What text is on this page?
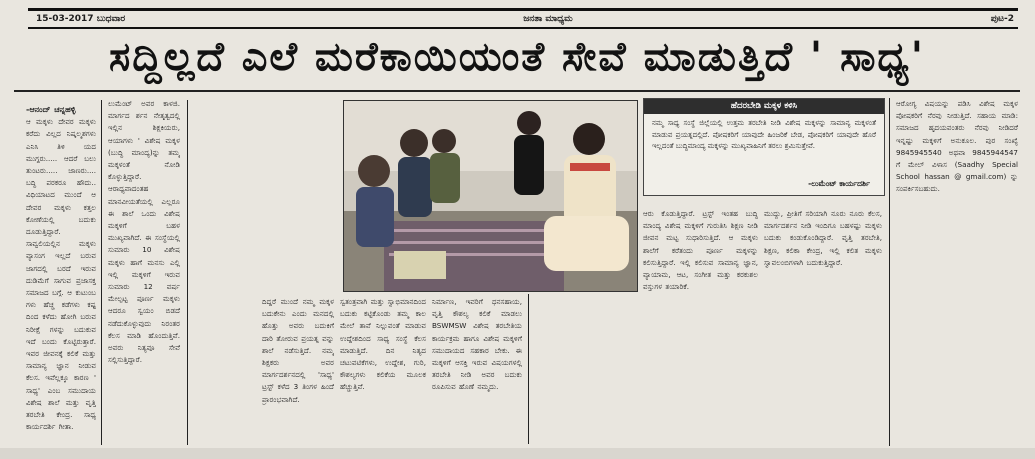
15-03-2017 ಬುಧವಾರ	ಜನತಾ ಮಾಧ್ಯಮ	ಪುಟ-2
ಸದ್ದಿಲ್ಲದೆ ಎಲೆ ಮರೆಕಾಯಿಯಂತೆ ಸೇವೆ ಮಾಡುತ್ತಿದೆ ' ಸಾಧ್ಯ'
-ಆನಂದ್ ಚನ್ನಹಳ್ಳಿ
ಆ ಮಕ್ಕಳು ದೇವರ ಮಕ್ಕಳು ಕರೆದು ವಿಲ್ಲದ ನಿಷ್ಕಲ್ಮಶಗಳು ಎನಿಸಿ ತಿಳಿ ಯದ ಮುಗ್ದರು..... ಆದರೆ ಬಲು ತುಂಟರು..... ಜಾಣರು.... ಬದ್ಧಿ ಪರಕರೂ ಹೌದು.. ವಿಧಿಯಾಟದ ಮುಂದೆ ಆ ದೇವರ ಮಕ್ಕಳು ಕತ್ತಲ ಕೋಣೆಯಲ್ಲಿ ಬದುಕು ದೂಡುತ್ತಿದ್ದಾರೆ. ಸಾವ್ವಲಿಯಲ್ಲಿನ ಮಕ್ಕಳು ವ್ಯಾಸಂಗ ಇಲ್ಲದೆ ಬರುವ ಜಾಗದಲ್ಲಿ ಬರದೆ ಇರುವ ದುಡಿಮೆಗೆ ಸಾಗುವ ಪ್ರಜಾಸಕ್ತ ಸಮಾಜದ ಬಗ್ಗೆ. ಆ ಕುಟುಂಬ ಗಳು ಹೆಚ್ಚ ಕಡೆಗಳು ಕಷ್ಟ ದಿಂದ ಕಳೆದು ಹೋಗಿ ಬರುವ ನಿರೀಕ್ಷೆ ಗಳನ್ನು ಬದುಕುವ ಇದೆ ಬಂದು ಕೊಟ್ಟಿರುತ್ತಾರೆ. ಇವರ ಜೀವನಕ್ಕೆ ಕಲಿಕೆ ಮತ್ತು ಸಾಮಾನ್ಯ ಜ್ಞಾನ ನೀಡುವ ಕೆಲಸ. ಇವೆಲ್ಲಕ್ಕೂ ಕಾರಣ ' ಸಾಧ್ಯ' ಎಂಬ ಸಮುದಾಯ ವಿಶೇಷ ಶಾಲೆ ಮತ್ತು ವೃತ್ತಿ ತರಬೇತಿ ಕೇಂದ್ರ. ಸಾಧ್ಯ ಕಾರ್ಯದರ್ಶಿ ಗೀತಾ.
ಲುಮೆಂಟ್ ಅವರ ಕಾಳಜಿ. ಮಾರ್ಗದ ರ್ಶನ ನೇತೃತ್ವದಲ್ಲಿ ಇಲ್ಲಿನ ಶಿಕ್ಷಕಿಯರು, ಆಯಾಗಳು ' ವಿಶೇಷ ಮಕ್ಕಳ (ಬುದ್ಧಿ ಮಾಂದ್ಯ)ನ್ನು ತಮ್ಮ ಮಕ್ಕಳಂತೆ ನೋಡಿ ಕೊಳ್ಳುತ್ತಿದ್ದಾರೆ. ಆರಾಧ್ಯವಾದಂತಹ ಮಾನವೀಯತೆಯಲ್ಲಿ ಎಲ್ಲರೂ ಈ ಶಾಲೆ ಒಂದು ವಿಶೇಷ ಮಕ್ಕಳಿಗೆ ಬಹಳ ಮುಖ್ಯವಾಗಿದೆ. ಈ ಸಂಸ್ಥೆಯಲ್ಲಿ ಸುಮಾರು 10 ವಿಶೇಷ ಮಕ್ಕಳು ಹಾಗೆ ಮನಸು ಎಲ್ಲಿ ಇಲ್ಲಿ ಮಕ್ಕಳಿಗೆ ಇರುವ ಸುಮಾರು 12 ವರ್ಷ ಮೇಲ್ಪಟ್ಟ ಪೂರ್ಣ ಮಕ್ಕಳು ಆದರೂ ಸ್ವಯಂ ಬಿಡದೆ ನಡೆದುಕೊಳ್ಳುವುದು ನಿರಂತರ ಕೆಲಸ ಮಾಡಿ ಹೊಂದುತ್ತಿವೆ. ಅವರು ನಿತ್ಯವೂ ಸೇವೆ ಸಲ್ಲಿಸುತ್ತಿದ್ದಾರೆ.
ದಿದ್ದರೆ ಮುಂದೆ ನಮ್ಮ ಮಕ್ಕಳ ಬದುಕೇನು ಎಂದು ಮನದಲ್ಲಿ ಹೊತ್ತು ಅವರು ಬದುಕಿಗೆ ದಾರಿ ತೋರುವ ಪ್ರಯತ್ನ ವನ್ನು ಶಾಲೆ ನಡೆಸುತ್ತಿದೆ. ನಮ್ಮ ಶಿಕ್ಷಕರು ಅವರ ಮಾರ್ಗದರ್ಶನದಲ್ಲಿ 'ಸಾಧ್ಯ' ಟ್ರಸ್ಟ್ ಕಳೆದ 3 ತಿಂಗಳ ಹಿಂದೆ ಪ್ರಾರಂಭವಾಗಿದೆ.
ಸ್ವತಂತ್ರವಾಗಿ ಮತ್ತು ಸ್ವಾಭಿಮಾನದಿಂದ ಬದುಕು ಕಟ್ಟಿಕೊಂಡು ತಮ್ಮ ಕಾಲ ಮೇಲೆ ತಾವೆ ನಿಲ್ಲುವಂತೆ ಮಾಡುವ ಉದ್ದೇಶದಿಂದ ಸಾಧ್ಯ ಸಂಸ್ಥೆ ಕೆಲಸ ಮಾಡುತ್ತಿದೆ. ದಿನ ನಿತ್ಯದ ಚಟುವಟಿಕೆಗಳು, ಉದ್ದೇಶ, ಗುರಿ, ಕೌಶಲ್ಯಗಳು ಕಲಿಕೆಯ ಮೂಲಕ ಹೆಚ್ಚುತ್ತಿವೆ.
ನಿರ್ಮಾಣ, ಇವರಿಗೆ ಧನಸಹಾಯ, ವೃತ್ತಿ ಕೌಶಲ್ಯ ಕಲಿಕೆ ಮಾಡಲು BSWMSW ವಿಶೇಷ ತರಬೇತಿಯ ಕಾರ್ಯಕ್ರಮ ಹಾಗೂ ವಿಶೇಷ ಮಕ್ಕಳಿಗೆ ಸಮುದಾಯದ ಸಹಕಾರ ಬೇಕು. ಈ ಮಕ್ಕಳಿಗೆ ಆಸಕ್ತಿ ಇರುವ ವಿಷಯಗಳಲ್ಲಿ ತರಬೇತಿ ನೀಡಿ ಅವರ ಬದುಕು ರೂಪಿಸುವ ಹೊಣೆ ನಮ್ಮದು.
ಹೆದರಬೇಡಿ ಮಕ್ಕಳ ಕಳಿಸಿ
ನಮ್ಮ ಸಾಧ್ಯ ಸಂಸ್ಥೆ ಜಿಲ್ಲೆಯಲ್ಲಿ ಉತ್ತಮ ತರಬೇತಿ ನೀಡಿ ವಿಶೇಷ ಮಕ್ಕಳನ್ನು ಸಾಮಾನ್ಯ ಮಕ್ಕಳಂತೆ ಮಾಡುವ ಪ್ರಯತ್ನದಲ್ಲಿದೆ. ಪೋಷಕರಿಗೆ ಯಾವುದೇ ಹಿಂಜರಿಕೆ ಬೇಡ, ಪೋಷಕರಿಗೆ ಯಾವುದೇ ಹೊರೆ ಇಲ್ಲದಂತೆ ಬುದ್ಧಿಮಾಂದ್ಯ ಮಕ್ಕಳನ್ನು ಮುಖ್ಯವಾಹಿನಿಗೆ ತರಲು ಶ್ರಮಿಸುತ್ತೇವೆ.
-ಲುಮೆಂಟ್ ಕಾರ್ಯದರ್ಶಿ
ಆರು ಕೊಡುತ್ತಿದ್ದಾರೆ. ಟ್ರಸ್ಟ್ ಇಂತಹ ಬುದ್ಧಿ ಮಾಂದ್ಯ ವಿಶೇಷ ಮಕ್ಕಳಿಗೆ ಗುರುತಿಸಿ ಶಿಕ್ಷಣ ನೀಡಿ ಜೀವನ ಮಟ್ಟ ಸುಧಾರಿಸುತ್ತಿದೆ. ಆ ಮಕ್ಕಳು ಶಾಲೆಗೆ ಕರೆತಂದು ಪೂರ್ಣ ಮಕ್ಕಳನ್ನು ಕಲಿಸುತ್ತಿದ್ದಾರೆ. ಇಲ್ಲಿ ಕಲಿಸುವ ಸಾಮಾನ್ಯ ಜ್ಞಾನ, ವ್ಯಾಯಾಮ, ಆಟ, ಸಂಗೀತ ಮತ್ತು ಕರಕುಶಲ ವಸ್ತುಗಳ ತಯಾರಿಕೆ.
ಮುದ್ದು, ಪ್ರೀತಿಗೆ ಸರಿಯಾಗಿ ನೂರು ನೂರು ಕೆಲಸ, ಮಾರ್ಗದರ್ಶನ ನೀಡಿ ಇಂದಿಗೂ ಬಹಳಷ್ಟು ಮಕ್ಕಳು ಬದುಕು ಕಂಡುಕೊಂಡಿದ್ದಾರೆ. ವೃತ್ತಿ ತರಬೇತಿ, ಶಿಕ್ಷಣ, ಕಲಿಕಾ ಕೇಂದ್ರ, ಇಲ್ಲಿ ಕಲಿತ ಮಕ್ಕಳು ಸ್ವಾವಲಂಬಿಗಳಾಗಿ ಬದುಕುತ್ತಿದ್ದಾರೆ.
ಆರೋಗ್ಯ ವಿಷಯನ್ನು ಪಡಿಸಿ ವಿಶೇಷ ಮಕ್ಕಳ ಪೋಷಕರಿಗೆ ನೆರವು ನೀಡುತ್ತಿದೆ. ಸಹಾಯ ಮಾಡಿ: ಸಮಾಜದ ಹೃದಯವಂತರು ನೆರವು ನೀಡಿದರೆ ಇನ್ನಷ್ಟು ಮಕ್ಕಳಿಗೆ ಅನುಕೂಲ. ಪುರ ಸಂಖ್ಯೆ 9845945540 ಅಥವಾ 9845944547 ಗೆ ಮೇಲ್ ವಿಳಾಸ (Saadhy Special School hassan @ gmail.com) ನ್ನು ಸಂಪರ್ಕಿಸಬಹುದು.
